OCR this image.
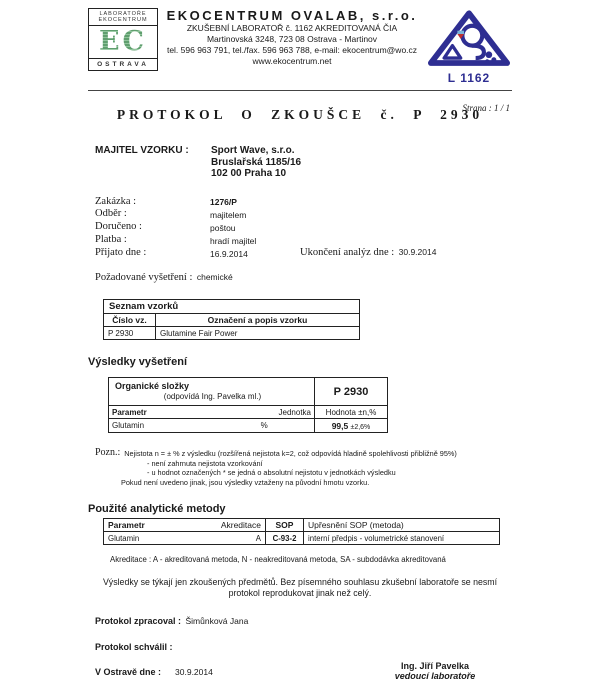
LABORATOŘE
EKOCENTRUM
EC
OSTRAVA
EKOCENTRUM OVALAB, s.r.o.
ZKUŠEBNÍ LABORATOŘ č. 1162 AKREDITOVANÁ ČIA
Martinovská 3248, 723 08 Ostrava - Martinov
tel. 596 963 791, tel./fax. 596 963 788, e-mail: ekocentrum@wo.cz
www.ekocentrum.net
L 1162
PROTOKOL O ZKOUŠCE č. P 2930
Strana : 1 / 1
MAJITEL VZORKU :	Sport Wave, s.r.o.
Bruslařská 1185/16
102 00 Praha 10
Zakázka :	1276/P
Odběr :	majitelem
Doručeno :	poštou
Platba :	hradí majitel
Přijato dne :	16.9.2014	Ukončení analýz dne : 30.9.2014
Požadované vyšetření : chemické
Seznam vzorků	
Číslo vz.	Označení a popis vzorku
P 2930	Glutamine Fair Power
Výsledky vyšetření
Organické složky
(odpovídá Ing. Pavelka ml.)		P 2930
Parametr	Jednotka	Hodnota ±n,%
Glutamin	%	99,5 ±2,6%
Pozn.: Nejistota n = ± % z výsledku (rozšířená nejistota k=2, což odpovídá hladině spolehlivosti přibližně 95%)
- není zahrnuta nejistota vzorkování
- u hodnot označených * se jedná o absolutní nejistotu v jednotkách výsledku
Pokud není uvedeno jinak, jsou výsledky vztaženy na původní hmotu vzorku.
Použité analytické metody
Parametr	Akreditace	SOP	Upřesnění SOP (metoda)
Glutamin	A	C-93-2	interní předpis - volumetrické stanovení
Akreditace : A - akreditovaná metoda, N - neakreditovaná metoda, SA - subdodávka akreditovaná
Výsledky se týkají jen zkoušených předmětů. Bez písemného souhlasu zkušební laboratoře se nesmí
protokol reprodukovat jinak než celý.
Protokol zpracoval : Šimůnková Jana
Protokol schválil :
V Ostravě dne : 30.9.2014
Ing. Jiří Pavelka
vedoucí laboratoře
